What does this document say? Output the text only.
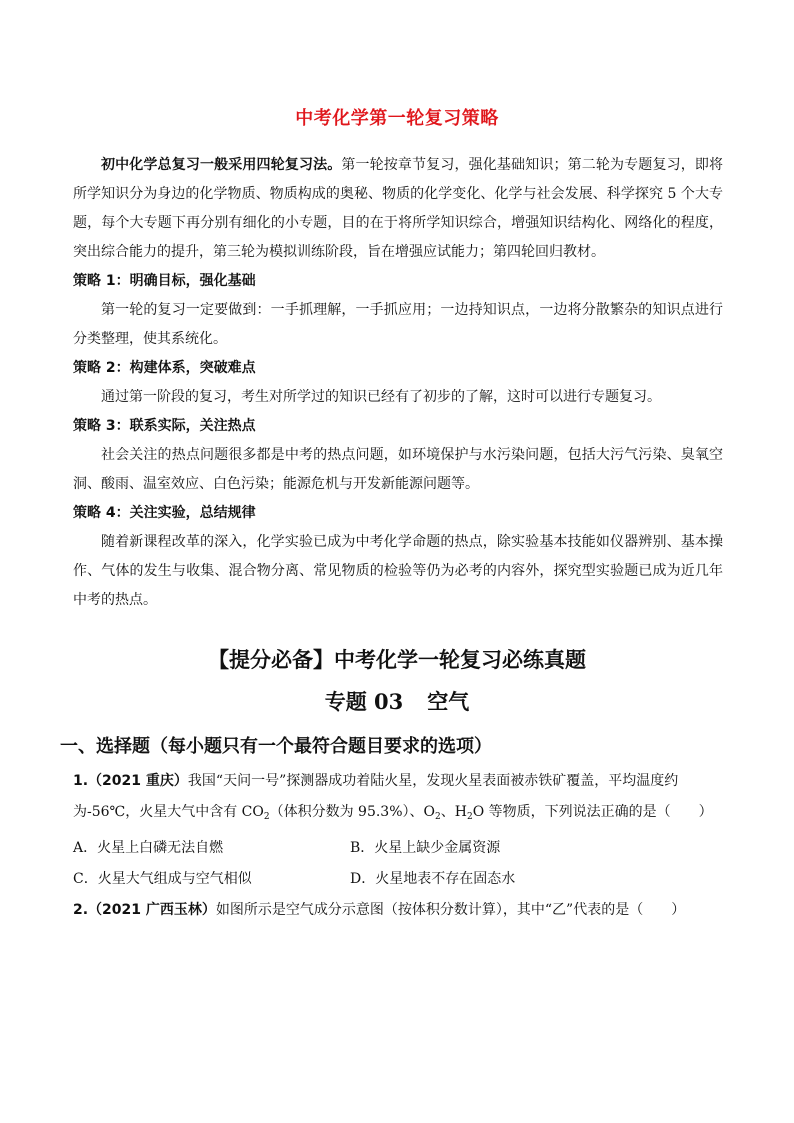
中考化学第一轮复习策略

初中化学总复习一般采用四轮复习法。第一轮按章节复习，强化基础知识；第二轮为专题复习，即将所学知识分为身边的化学物质、物质构成的奥秘、物质的化学变化、化学与社会发展、科学探究 5 个大专题，每个大专题下再分别有细化的小专题，目的在于将所学知识综合，增强知识结构化、网络化的程度，突出综合能力的提升，第三轮为模拟训练阶段，旨在增强应试能力；第四轮回归教材。

策略 1：明确目标，强化基础

第一轮的复习一定要做到：一手抓理解，一手抓应用；一边持知识点，一边将分散繁杂的知识点进行分类整理，使其系统化。

策略 2：构建体系，突破难点

通过第一阶段的复习，考生对所学过的知识已经有了初步的了解，这时可以进行专题复习。

策略 3：联系实际，关注热点

社会关注的热点问题很多都是中考的热点问题，如环境保护与水污染问题，包括大污气污染、臭氧空洞、酸雨、温室效应、白色污染；能源危机与开发新能源问题等。

策略 4：关注实验，总结规律

随着新课程改革的深入，化学实验已成为中考化学命题的热点，除实验基本技能如仪器辨别、基本操作、气体的发生与收集、混合物分离、常见物质的检验等仍为必考的内容外，探究型实验题已成为近几年中考的热点。

【提分必备】中考化学一轮复习必练真题
专题 03 空气
一、选择题（每小题只有一个最符合题目要求的选项）

1.（2021 重庆）我国“天问一号”探测器成功着陆火星，发现火星表面被赤铁矿覆盖，平均温度约为-56℃，火星大气中含有 $CO_2$（体积分数为 95.3%）、$O_2$、$H_2O$ 等物质，下列说法正确的是（　　）

A．火星上白磷无法自燃	B．火星上缺少金属资源
C．火星大气组成与空气相似	D．火星地表不存在固态水

2.（2021 广西玉林）如图所示是空气成分示意图（按体积分数计算），其中“乙”代表的是（　　）
